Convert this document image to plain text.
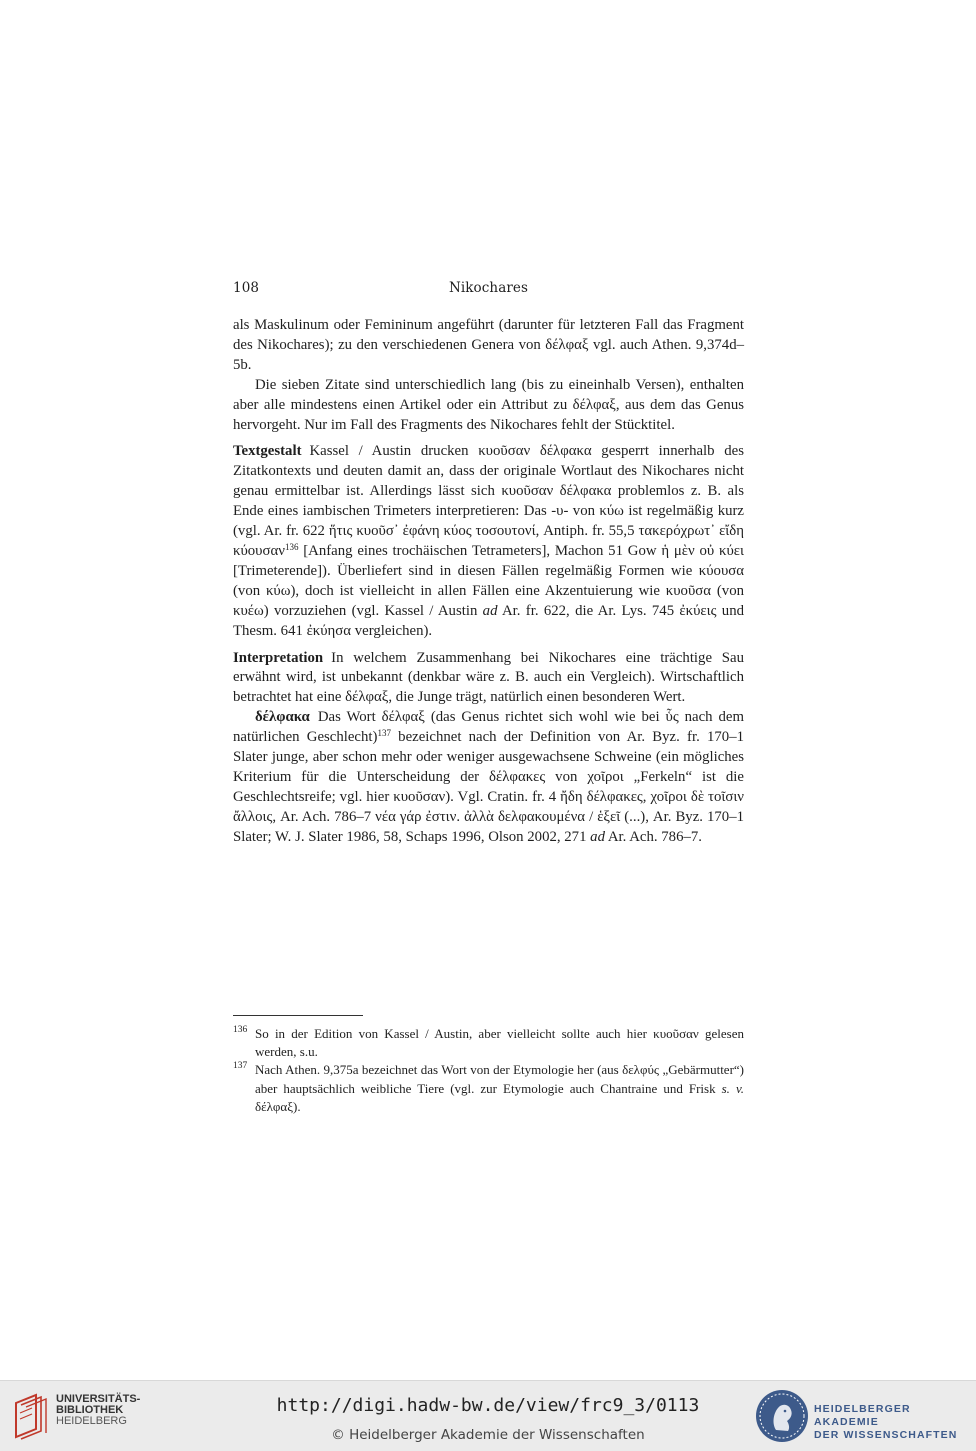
108	Nikochares

als Maskulinum oder Femininum angeführt (darunter für letzteren Fall das Fragment des Nikochares); zu den verschiedenen Genera von δέλφαξ vgl. auch Athen. 9,374d–5b.

Die sieben Zitate sind unterschiedlich lang (bis zu eineinhalb Versen), enthalten aber alle mindestens einen Artikel oder ein Attribut zu δέλφαξ, aus dem das Genus hervorgeht. Nur im Fall des Fragments des Nikochares fehlt der Stücktitel.

Textgestalt Kassel / Austin drucken κυοῦσαν δέλφακα gesperrt innerhalb des Zitatkontexts und deuten damit an, dass der originale Wortlaut des Nikochares nicht genau ermittelbar ist. Allerdings lässt sich κυοῦσαν δέλφακα problemlos z. B. als Ende eines iambischen Trimeters interpretieren: Das -υ- von κύω ist regelmäßig kurz (vgl. Ar. fr. 622 ἥτις κυοῦσ᾽ ἐφάνη κύος τοσουτονί, Antiph. fr. 55,5 τακερόχρωτ᾽ εἴδη κύουσαν$^{136}$ [Anfang eines trochäischen Tetrameters], Machon 51 Gow ἡ μὲν οὐ κύει [Trimeterende]). Überliefert sind in diesen Fällen regelmäßig Formen wie κύουσα (von κύω), doch ist vielleicht in allen Fällen eine Akzentuierung wie κυοῦσα (von κυέω) vorzuziehen (vgl. Kassel / Austin ad Ar. fr. 622, die Ar. Lys. 745 ἐκύεις und Thesm. 641 ἐκύησα vergleichen).

Interpretation In welchem Zusammenhang bei Nikochares eine trächtige Sau erwähnt wird, ist unbekannt (denkbar wäre z. B. auch ein Vergleich). Wirtschaftlich betrachtet hat eine δέλφαξ, die Junge trägt, natürlich einen besonderen Wert.

δέλφακα Das Wort δέλφαξ (das Genus richtet sich wohl wie bei ὗς nach dem natürlichen Geschlecht)$^{137}$ bezeichnet nach der Definition von Ar. Byz. fr. 170–1 Slater junge, aber schon mehr oder weniger ausgewachsene Schweine (ein mögliches Kriterium für die Unterscheidung der δέλφακες von χοῖροι „Ferkeln“ ist die Geschlechtsreife; vgl. hier κυοῦσαν). Vgl. Cratin. fr. 4 ἤδη δέλφακες, χοῖροι δὲ τοῖσιν ἄλλοις, Ar. Ach. 786–7 νέα γάρ ἐστιν. ἀλλὰ δελφακουμένα / ἑξεῖ (...), Ar. Byz. 170–1 Slater; W. J. Slater 1986, 58, Schaps 1996, Olson 2002, 271 ad Ar. Ach. 786–7.

136 So in der Edition von Kassel / Austin, aber vielleicht sollte auch hier κυοῦσαν gelesen werden, s.u.
137 Nach Athen. 9,375a bezeichnet das Wort von der Etymologie her (aus δελφύς „Gebärmutter“) aber hauptsächlich weibliche Tiere (vgl. zur Etymologie auch Chantraine und Frisk s. v. δέλφαξ).
UNIVERSITÄTS-
BIBLIOTHEK
HEIDELBERG
http://digi.hadw-bw.de/view/frc9_3/0113
© Heidelberger Akademie der Wissenschaften
HEIDELBERGER AKADEMIE
DER WISSENSCHAFTEN
